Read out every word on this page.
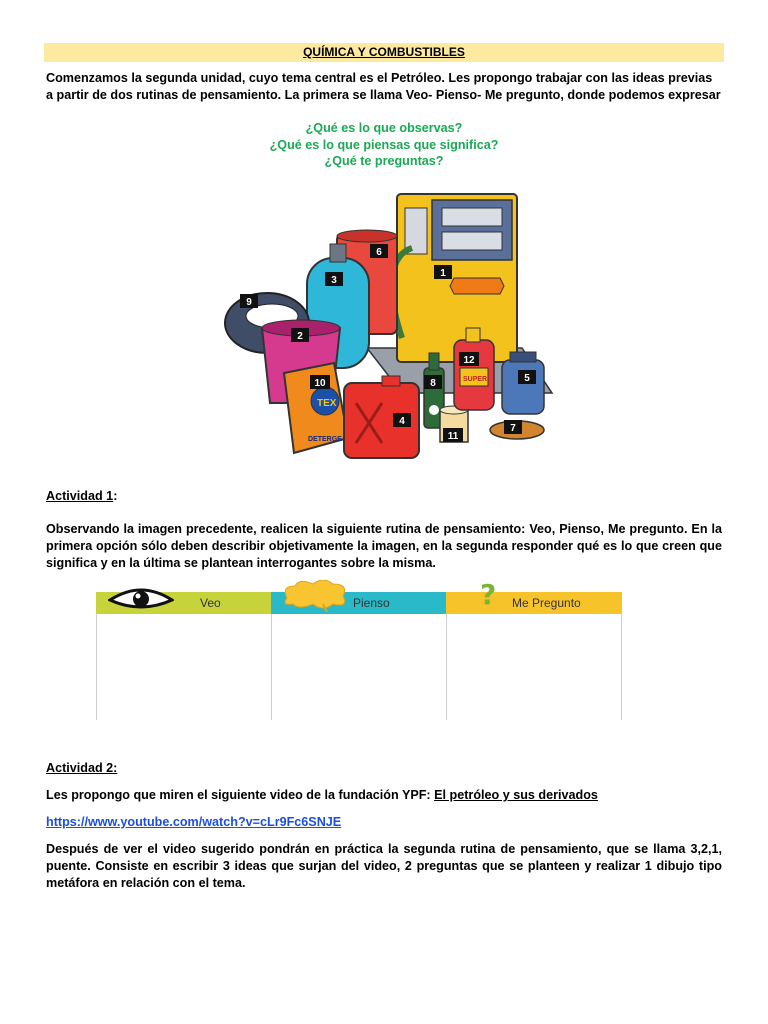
QUÍMICA Y COMBUSTIBLES
Comenzamos la segunda unidad, cuyo tema central es el Petróleo. Les propongo trabajar con las ideas previas a partir de dos rutinas de pensamiento. La primera se llama Veo- Pienso- Me pregunto, donde podemos expresar
¿Qué es lo que observas?
¿Qué es lo que piensas que significa?
¿Qué te preguntas?
TEX
DETERGE
SUPER
1
2
3
4
5
6
7
8
9
10
11
12
Actividad 1:
Observando la imagen precedente, realicen la siguiente rutina de pensamiento: Veo, Pienso, Me pregunto. En la primera opción sólo deben describir objetivamente la imagen, en la segunda responder qué es lo que creen que significa y en la última se plantean interrogantes sobre la misma.
Veo	Pienso	? Me Pregunto
Actividad 2:
Les propongo que miren el siguiente video de la fundación YPF: El petróleo y sus derivados
https://www.youtube.com/watch?v=cLr9Fc6SNJE
Después de ver el video sugerido pondrán en práctica la segunda rutina de pensamiento, que se llama 3,2,1, puente. Consiste en escribir 3 ideas que surjan del video, 2 preguntas que se planteen y realizar 1 dibujo tipo metáfora en relación con el tema.
